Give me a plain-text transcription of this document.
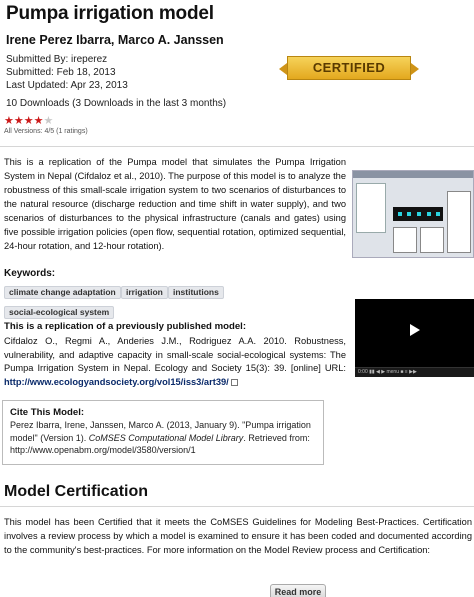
Pumpa irrigation model
Irene Perez Ibarra, Marco A. Janssen
Submitted By: ireperez
Submitted: Feb 18, 2013
Last Updated: Apr 23, 2013
10 Downloads (3 Downloads in the last 3 months)
CERTIFIED
★★★★★
All Versions: 4/5 (1 ratings)
This is a replication of the Pumpa model that simulates the Pumpa Irrigation System in Nepal (Cifdaloz et al., 2010). The purpose of this model is to analyze the robustness of this small-scale irrigation system to two scenarios of disturbances to the natural resource (discharge reduction and time shift in water supply), and two scenarios of disturbances to the physical infrastructure (canals and gates) using five possible irrigation policies (open flow, sequential rotation, optimized sequential, 24-hour rotation, and 12-hour rotation).
Keywords:
climate change adaptation	irrigation	institutions
social-ecological system
0:00 ▮▮ ◀ ▶ menu ■ ≡ ▶▶
This is a replication of a previously published model:
Cifdaloz O., Regmi A., Anderies J.M., Rodriguez A.A. 2010. Robustness, vulnerability, and adaptive capacity in small-scale social-ecological systems: The Pumpa Irrigation System in Nepal. Ecology and Society 15(3): 39. [online] URL: http://www.ecologyandsociety.org/vol15/iss3/art39/
Cite This Model:
Perez Ibarra, Irene, Janssen, Marco A. (2013, January 9). "Pumpa irrigation model" (Version 1). CoMSES Computational Model Library. Retrieved from: http://www.openabm.org/model/3580/version/1
Model Certification
This model has been Certified that it meets the CoMSES Guidelines for Modeling Best-Practices. Certification involves a review process by which a model is examined to ensure it has been coded and documented according to the community's best-practices. For more information on the Model Review process and Certification:
Read more
